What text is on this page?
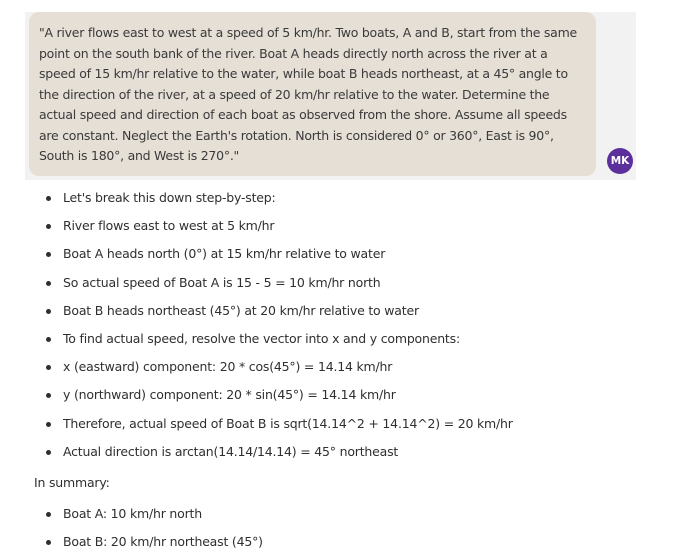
"A river flows east to west at a speed of 5 km/hr. Two boats, A and B, start from the same point on the south bank of the river. Boat A heads directly north across the river at a speed of 15 km/hr relative to the water, while boat B heads northeast, at a 45° angle to the direction of the river, at a speed of 20 km/hr relative to the water. Determine the actual speed and direction of each boat as observed from the shore. Assume all speeds are constant. Neglect the Earth's rotation. North is considered 0° or 360°, East is 90°, South is 180°, and West is 270°."	MK
Let's break this down step-by-step:
River flows east to west at 5 km/hr
Boat A heads north (0°) at 15 km/hr relative to water
So actual speed of Boat A is 15 - 5 = 10 km/hr north
Boat B heads northeast (45°) at 20 km/hr relative to water
To find actual speed, resolve the vector into x and y components:
x (eastward) component: 20 * cos(45°) = 14.14 km/hr
y (northward) component: 20 * sin(45°) = 14.14 km/hr
Therefore, actual speed of Boat B is sqrt(14.14^2 + 14.14^2) = 20 km/hr
Actual direction is arctan(14.14/14.14) = 45° northeast
In summary:
Boat A: 10 km/hr north
Boat B: 20 km/hr northeast (45°)
